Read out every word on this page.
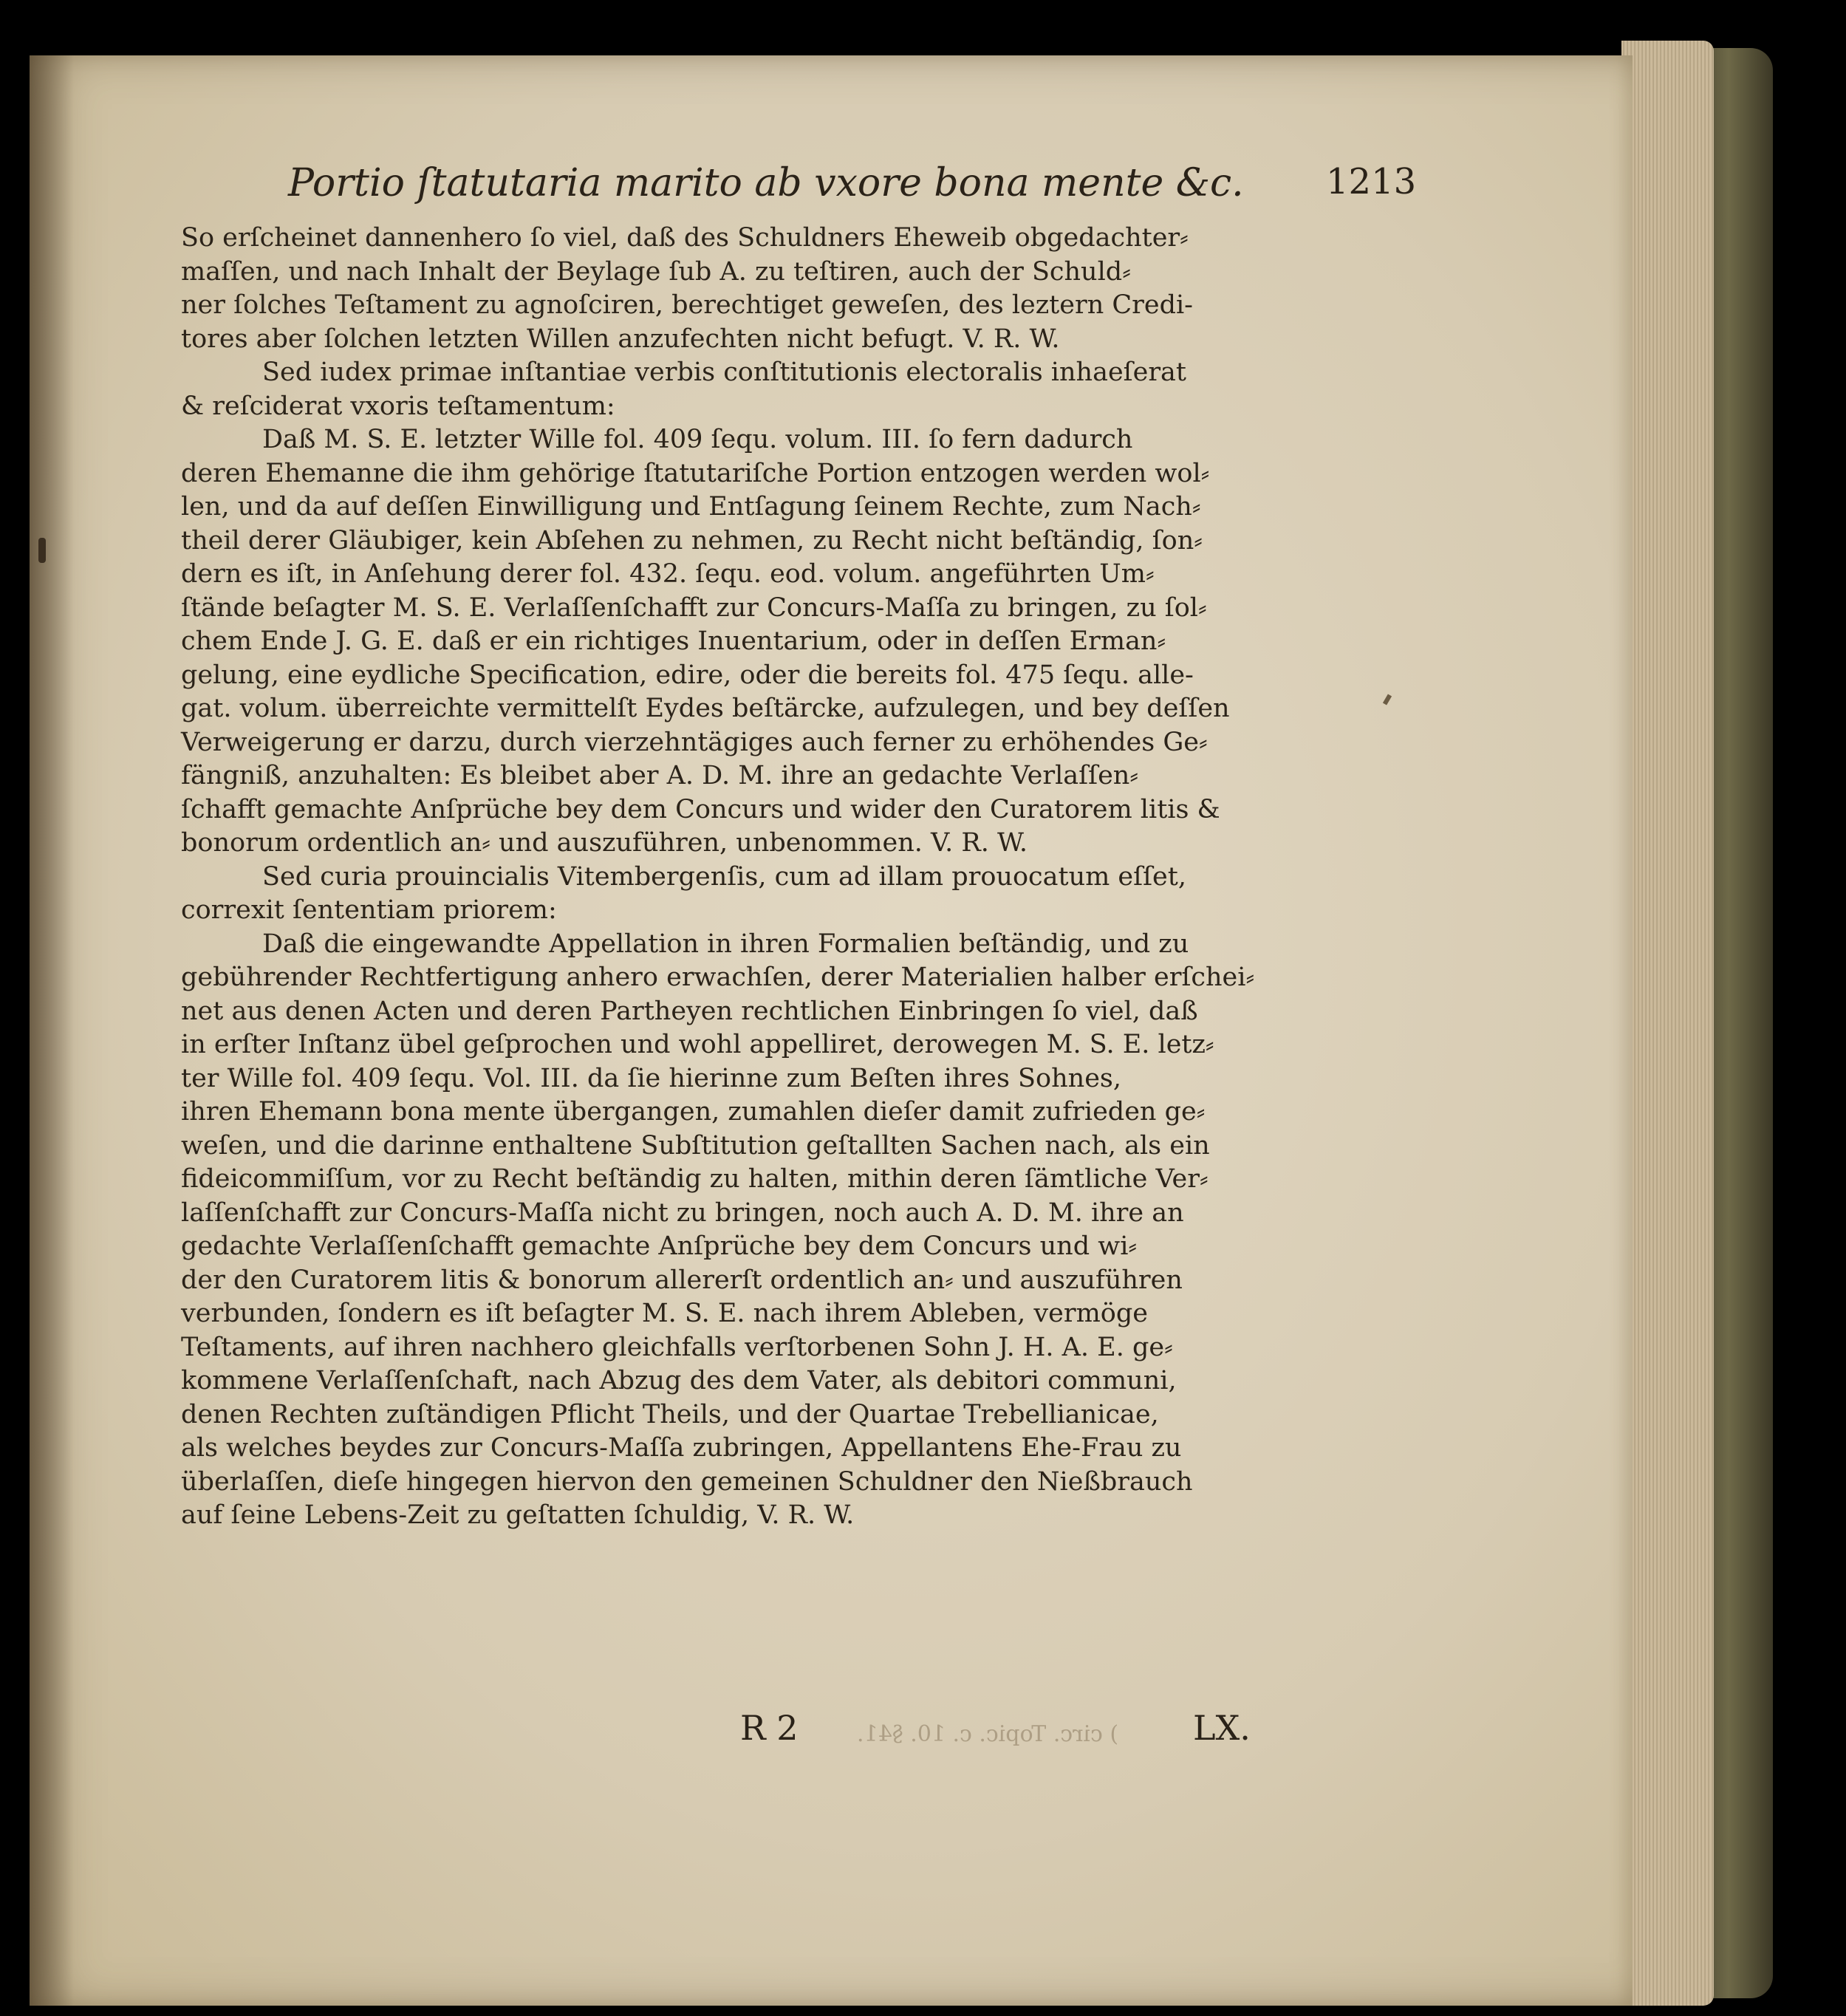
Portio ſtatutaria marito ab vxore bona mente &c.	1213
So erſcheinet dannenhero ſo viel, daß des Schuldners Eheweib obgedachter⸗
maſſen, und nach Inhalt der Beylage ſub A. zu teſtiren, auch der Schuld⸗
ner ſolches Teſtament zu agnoſciren, berechtiget geweſen, des leztern Credi-
tores aber ſolchen letzten Willen anzufechten nicht befugt. V. R. W.
Sed iudex primae inſtantiae verbis conſtitutionis electoralis inhaeſerat
& reſciderat vxoris teſtamentum:
Daß M. S. E. letzter Wille fol. 409 ſequ. volum. III. ſo fern dadurch
deren Ehemanne die ihm gehörige ſtatutariſche Portion entzogen werden wol⸗
len, und da auf deſſen Einwilligung und Entſagung ſeinem Rechte, zum Nach⸗
theil derer Gläubiger, kein Abſehen zu nehmen, zu Recht nicht beſtändig, ſon⸗
dern es iſt, in Anſehung derer fol. 432. ſequ. eod. volum. angeführten Um⸗
ſtände beſagter M. S. E. Verlaſſenſchafft zur Concurs-Maſſa zu bringen, zu ſol⸗
chem Ende J. G. E. daß er ein richtiges Inuentarium, oder in deſſen Erman⸗
gelung, eine eydliche Specification, edire, oder die bereits fol. 475 ſequ. alle-
gat. volum. überreichte vermittelſt Eydes beſtärcke, aufzulegen, und bey deſſen
Verweigerung er darzu, durch vierzehntägiges auch ferner zu erhöhendes Ge⸗
fängniß, anzuhalten: Es bleibet aber A. D. M. ihre an gedachte Verlaſſen⸗
ſchafft gemachte Anſprüche bey dem Concurs und wider den Curatorem litis &
bonorum ordentlich an⸗ und auszuführen, unbenommen. V. R. W.
Sed curia prouincialis Vitembergenſis, cum ad illam prouocatum eſſet,
correxit ſententiam priorem:
Daß die eingewandte Appellation in ihren Formalien beſtändig, und zu
gebührender Rechtfertigung anhero erwachſen, derer Materialien halber erſchei⸗
net aus denen Acten und deren Partheyen rechtlichen Einbringen ſo viel, daß
in erſter Inſtanz übel geſprochen und wohl appelliret, derowegen M. S. E. letz⸗
ter Wille fol. 409 ſequ. Vol. III. da ſie hierinne zum Beſten ihres Sohnes,
ihren Ehemann bona mente übergangen, zumahlen dieſer damit zufrieden ge⸗
weſen, und die darinne enthaltene Subſtitution geſtallten Sachen nach, als ein
fideicommiſſum, vor zu Recht beſtändig zu halten, mithin deren ſämtliche Ver⸗
laſſenſchafft zur Concurs-Maſſa nicht zu bringen, noch auch A. D. M. ihre an
gedachte Verlaſſenſchafft gemachte Anſprüche bey dem Concurs und wi⸗
der den Curatorem litis & bonorum allererſt ordentlich an⸗ und auszuführen
verbunden, ſondern es iſt beſagter M. S. E. nach ihrem Ableben, vermöge
Teſtaments, auf ihren nachhero gleichfalls verſtorbenen Sohn J. H. A. E. ge⸗
kommene Verlaſſenſchaft, nach Abzug des dem Vater, als debitori communi,
denen Rechten zuſtändigen Pflicht Theils, und der Quartae Trebellianicae,
als welches beydes zur Concurs-Maſſa zubringen, Appellantens Ehe-Frau zu
überlaſſen, dieſe hingegen hiervon den gemeinen Schuldner den Nießbrauch
auf ſeine Lebens-Zeit zu geſtatten ſchuldig, V. R. W.
) circ. Topic. c. 10. §41.
R 2	LX.
